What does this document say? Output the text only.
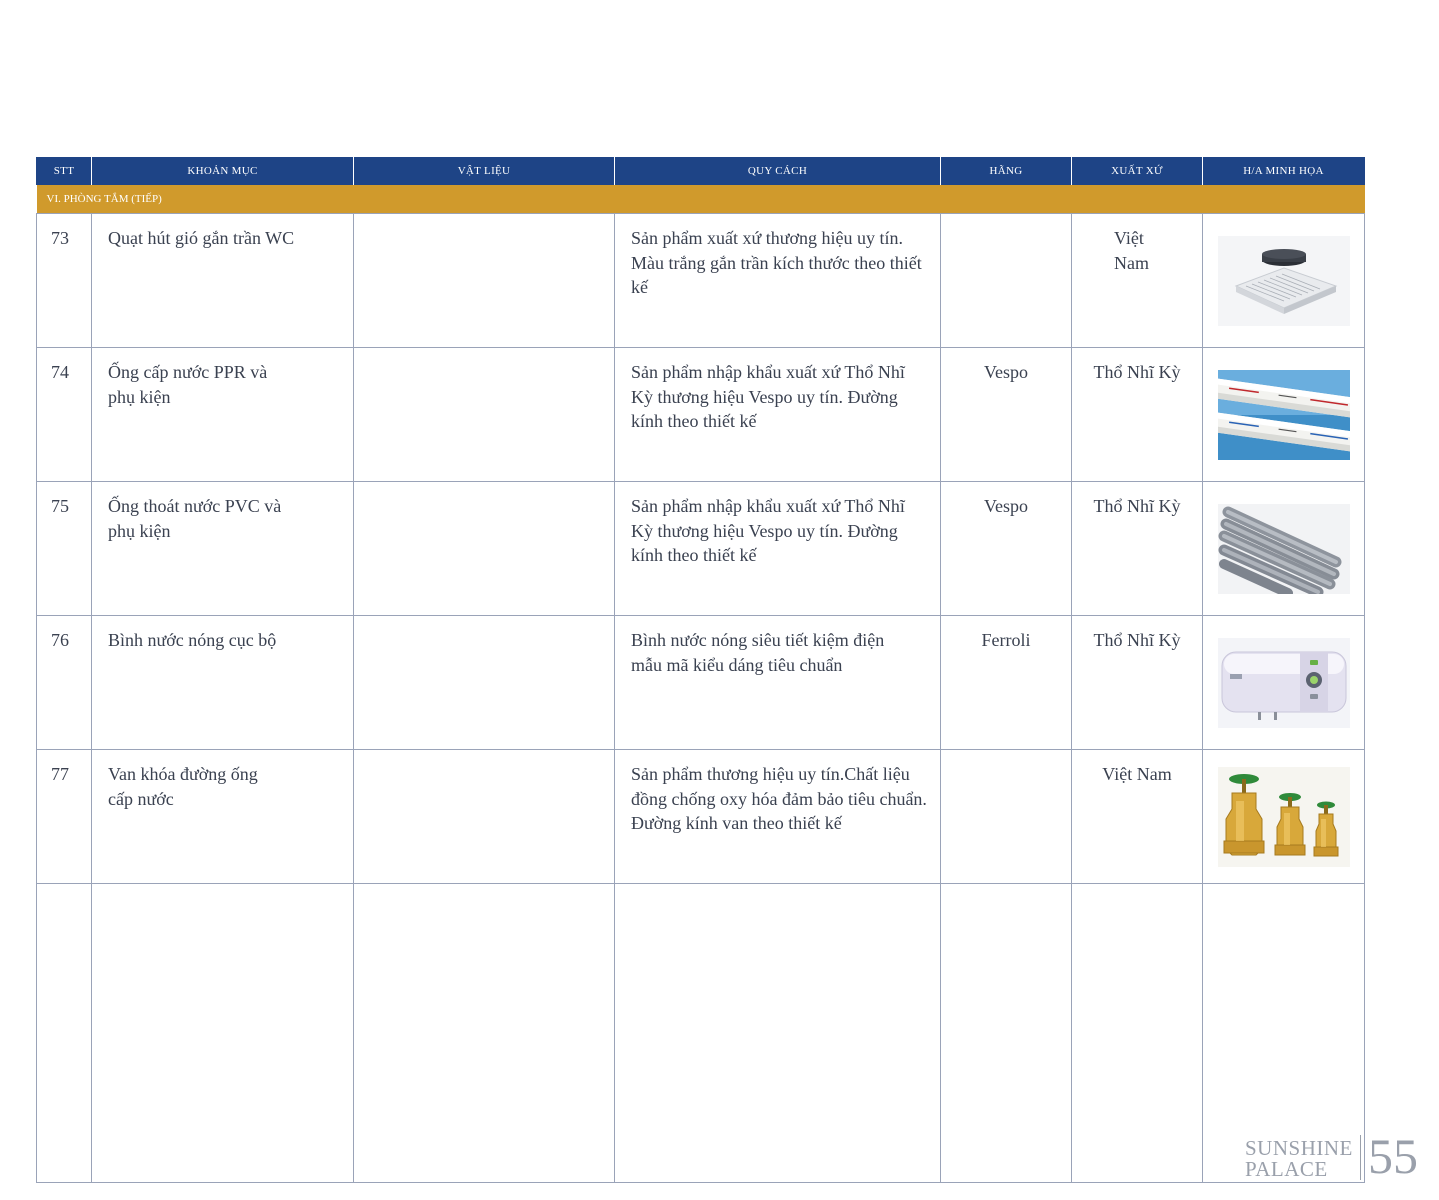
STT	KHOẢN MỤC	VẬT LIỆU	QUY CÁCH	HÃNG	XUẤT XỨ	H/A MINH HỌA
VI. PHÒNG TẮM (TIẾP)						
73	Quạt hút gió gắn trần WC		Sản phẩm xuất xứ thương hiệu uy tín. Màu trắng gắn trần kích thước theo thiết kế		Việt Nam

74	Ống cấp nước PPR và phụ kiện		Sản phẩm nhập khẩu xuất xứ Thổ Nhĩ Kỳ thương hiệu Vespo uy tín. Đường kính theo thiết kế	Vespo	Thổ Nhĩ Kỳ	

75	Ống thoát nước PVC và phụ kiện		Sản phẩm nhập khẩu xuất xứ Thổ Nhĩ Kỳ thương hiệu Vespo uy tín. Đường kính theo thiết kế	Vespo	Thổ Nhĩ Kỳ	

76	Bình nước nóng cục bộ		Bình nước nóng siêu tiết kiệm điện mẫu mã kiểu dáng tiêu chuẩn	Ferroli	Thổ Nhĩ Kỳ	

77	Van khóa đường ống cấp nước		Sản phẩm thương hiệu uy tín.Chất liệu đồng chống oxy hóa đảm bảo tiêu chuẩn. Đường kính van theo thiết kế		Việt Nam	

SUNSHINE
PALACE 55
